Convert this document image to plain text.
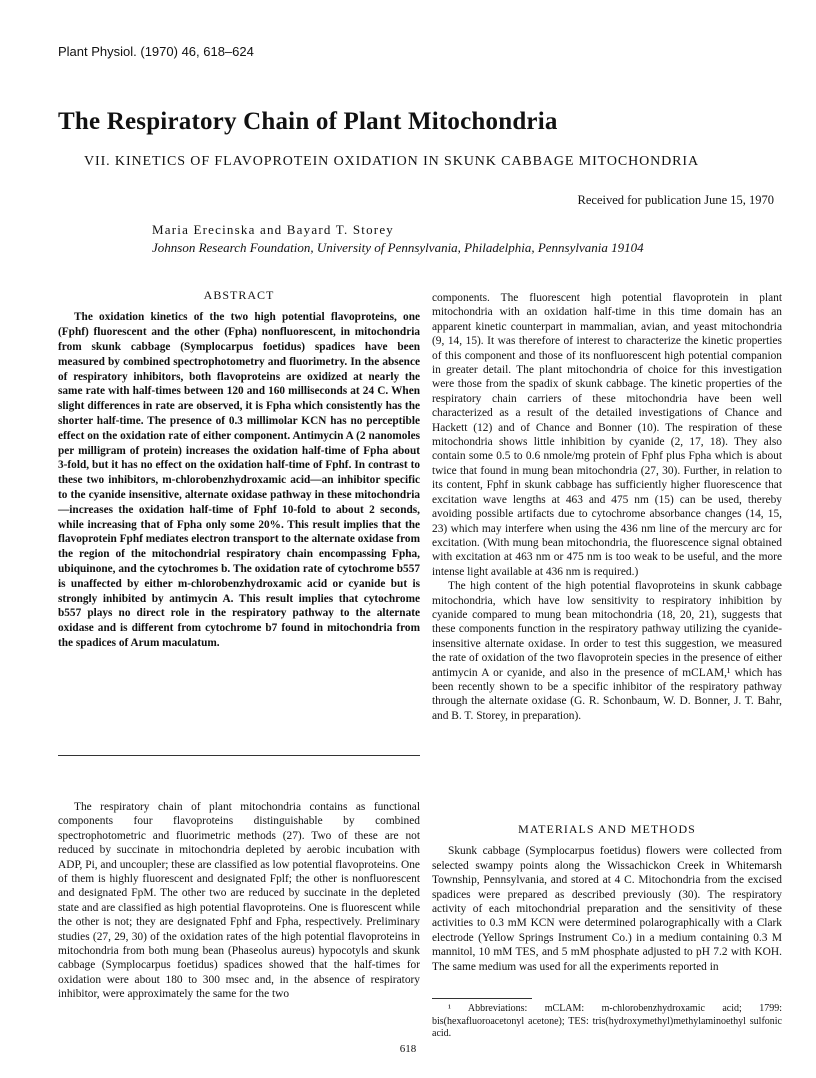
Plant Physiol. (1970) 46, 618–624
The Respiratory Chain of Plant Mitochondria
VII. KINETICS OF FLAVOPROTEIN OXIDATION IN SKUNK CABBAGE MITOCHONDRIA
Received for publication June 15, 1970
Maria Erecinska and Bayard T. Storey
Johnson Research Foundation, University of Pennsylvania, Philadelphia, Pennsylvania 19104
ABSTRACT

The oxidation kinetics of the two high potential flavoproteins, one (Fphf) fluorescent and the other (Fpha) nonfluorescent, in mitochondria from skunk cabbage (Symplocarpus foetidus) spadices have been measured by combined spectrophotometry and fluorimetry. In the absence of respiratory inhibitors, both flavoproteins are oxidized at nearly the same rate with half-times between 120 and 160 milliseconds at 24 C. When slight differences in rate are observed, it is Fpha which consistently has the shorter half-time. The presence of 0.3 millimolar KCN has no perceptible effect on the oxidation rate of either component. Antimycin A (2 nanomoles per milligram of protein) increases the oxidation half-time of Fpha about 3-fold, but it has no effect on the oxidation half-time of Fphf. In contrast to these two inhibitors, m-chlorobenzhydroxamic acid—an inhibitor specific to the cyanide insensitive, alternate oxidase pathway in these mitochondria—increases the oxidation half-time of Fphf 10-fold to about 2 seconds, while increasing that of Fpha only some 20%. This result implies that the flavoprotein Fphf mediates electron transport to the alternate oxidase from the region of the mitochondrial respiratory chain encompassing Fpha, ubiquinone, and the cytochromes b. The oxidation rate of cytochrome b557 is unaffected by either m-chlorobenzhydroxamic acid or cyanide but is strongly inhibited by antimycin A. This result implies that cytochrome b557 plays no direct role in the respiratory pathway to the alternate oxidase and is different from cytochrome b7 found in mitochondria from the spadices of Arum maculatum.

The respiratory chain of plant mitochondria contains as functional components four flavoproteins distinguishable by combined spectrophotometric and fluorimetric methods (27). Two of these are not reduced by succinate in mitochondria depleted by aerobic incubation with ADP, Pi, and uncoupler; these are classified as low potential flavoproteins. One of them is highly fluorescent and designated Fplf; the other is nonfluorescent and designated FpM. The other two are reduced by succinate in the depleted state and are classified as high potential flavoproteins. One is fluorescent while the other is not; they are designated Fphf and Fpha, respectively. Preliminary studies (27, 29, 30) of the oxidation rates of the high potential flavoproteins in mitochondria from both mung bean (Phaseolus aureus) hypocotyls and skunk cabbage (Symplocarpus foetidus) spadices showed that the half-times for oxidation were about 180 to 300 msec and, in the absence of respiratory inhibitor, were approximately the same for the two

components. The fluorescent high potential flavoprotein in plant mitochondria with an oxidation half-time in this time domain has an apparent kinetic counterpart in mammalian, avian, and yeast mitochondria (9, 14, 15). It was therefore of interest to characterize the kinetic properties of this component and those of its nonfluorescent high potential companion in greater detail. The plant mitochondria of choice for this investigation were those from the spadix of skunk cabbage. The kinetic properties of the respiratory chain carriers of these mitochondria have been well characterized as a result of the detailed investigations of Chance and Hackett (12) and of Chance and Bonner (10). The respiration of these mitochondria shows little inhibition by cyanide (2, 17, 18). They also contain some 0.5 to 0.6 nmole/mg protein of Fphf plus Fpha which is about twice that found in mung bean mitochondria (27, 30). Further, in relation to its content, Fphf in skunk cabbage has sufficiently higher fluorescence that excitation wave lengths at 463 and 475 nm (15) can be used, thereby avoiding possible artifacts due to cytochrome absorbance changes (14, 15, 23) which may interfere when using the 436 nm line of the mercury arc for excitation. (With mung bean mitochondria, the fluorescence signal obtained with excitation at 463 nm or 475 nm is too weak to be useful, and the more intense light available at 436 nm is required.)

The high content of the high potential flavoproteins in skunk cabbage mitochondria, which have low sensitivity to respiratory inhibition by cyanide compared to mung bean mitochondria (18, 20, 21), suggests that these components function in the respiratory pathway utilizing the cyanide-insensitive alternate oxidase. In order to test this suggestion, we measured the rate of oxidation of the two flavoprotein species in the presence of either antimycin A or cyanide, and also in the presence of mCLAM,¹ which has been recently shown to be a specific inhibitor of the respiratory pathway through the alternate oxidase (G. R. Schonbaum, W. D. Bonner, J. T. Bahr, and B. T. Storey, in preparation).

MATERIALS AND METHODS

Skunk cabbage (Symplocarpus foetidus) flowers were collected from selected swampy points along the Wissachickon Creek in Whitemarsh Township, Pennsylvania, and stored at 4 C. Mitochondria from the excised spadices were prepared as described previously (30). The respiratory activity of each mitochondrial preparation and the sensitivity of these activities to 0.3 mM KCN were determined polarographically with a Clark electrode (Yellow Springs Instrument Co.) in a medium containing 0.3 M mannitol, 10 mM TES, and 5 mM phosphate adjusted to pH 7.2 with KOH. The same medium was used for all the experiments reported in

¹ Abbreviations: mCLAM: m-chlorobenzhydroxamic acid; 1799: bis(hexafluoroacetonyl acetone); TES: tris(hydroxymethyl)methylaminoethyl sulfonic acid.

618
